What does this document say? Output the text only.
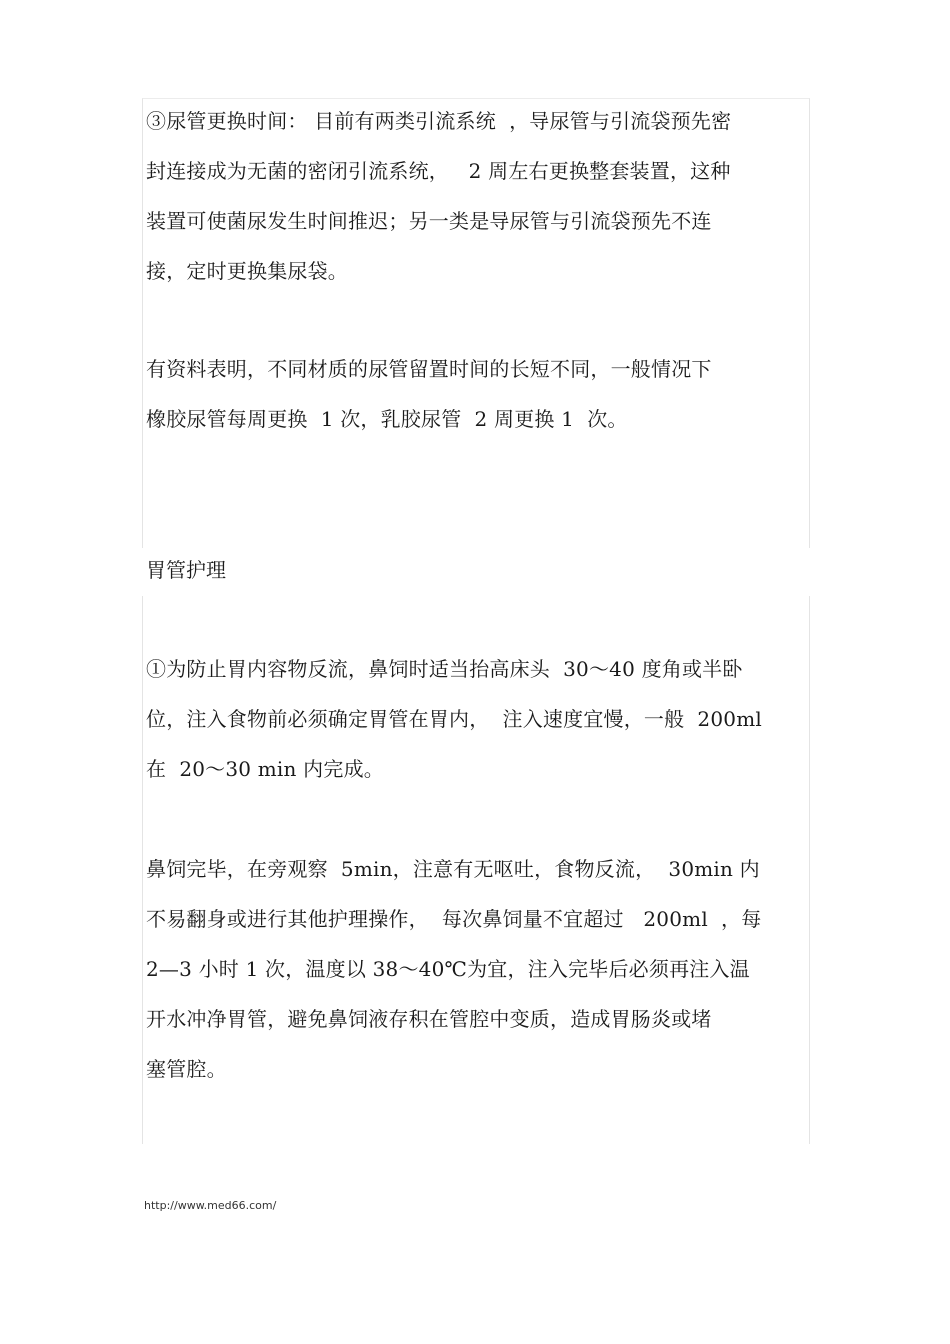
③尿管更换时间： 目前有两类引流系统  ，导尿管与引流袋预先密
封连接成为无菌的密闭引流系统，   2 周左右更换整套装置，这种
装置可使菌尿发生时间推迟；另一类是导尿管与引流袋预先不连
接，定时更换集尿袋。
有资料表明，不同材质的尿管留置时间的长短不同，一般情况下
橡胶尿管每周更换  1 次，乳胶尿管  2 周更换 1  次。
胃管护理
①为防止胃内容物反流，鼻饲时适当抬高床头  30～40 度角或半卧
位，注入食物前必须确定胃管在胃内，  注入速度宜慢，一般  200ml
在  20～30 min 内完成。
鼻饲完毕，在旁观察  5min，注意有无呕吐，食物反流，  30min 内
不易翻身或进行其他护理操作，  每次鼻饲量不宜超过   200ml  ，每
2—3 小时 1 次，温度以 38～40℃为宜，注入完毕后必须再注入温
开水冲净胃管，避免鼻饲液存积在管腔中变质，造成胃肠炎或堵
塞管腔。
http://www.med66.com/
